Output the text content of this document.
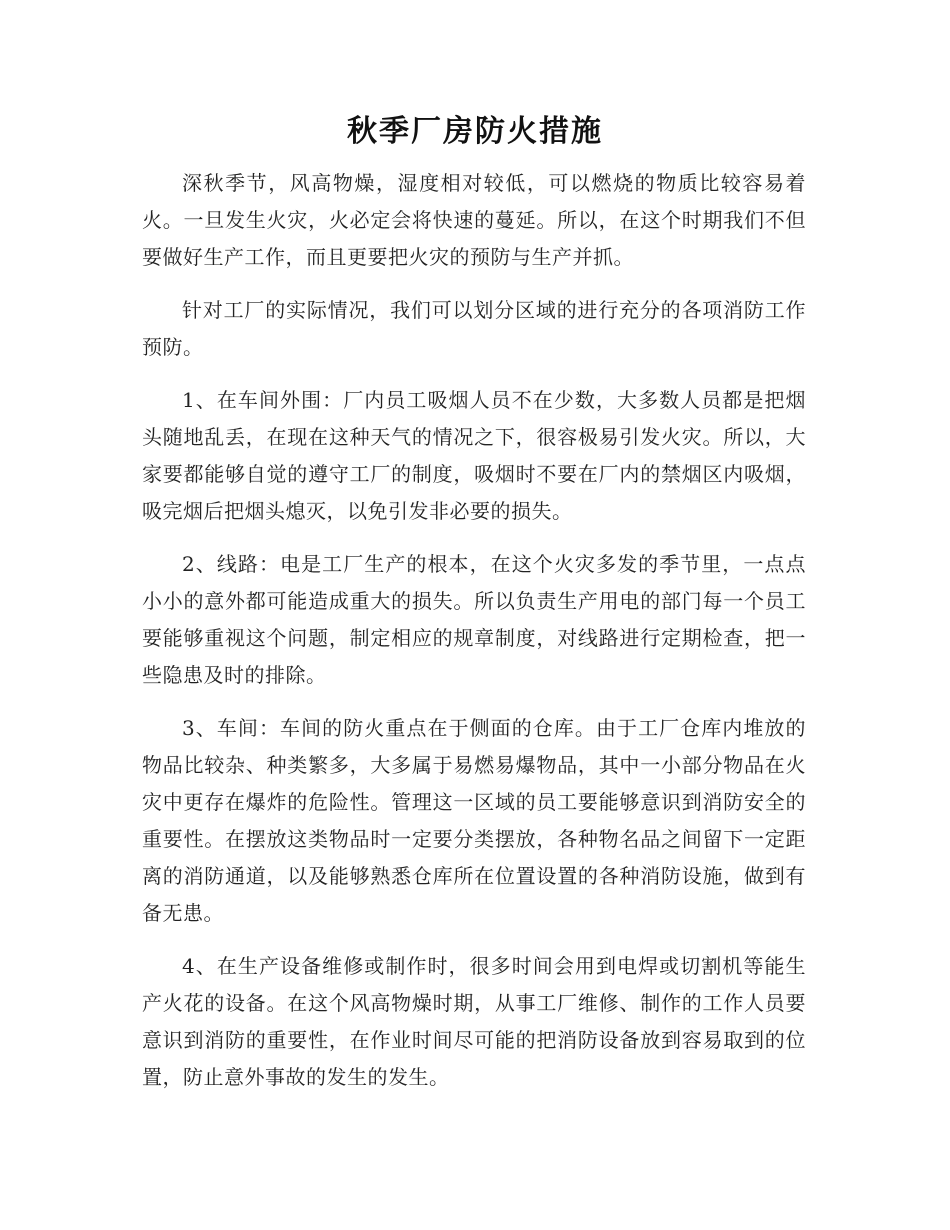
秋季厂房防火措施

深秋季节，风高物燥，湿度相对较低，可以燃烧的物质比较容易着火。一旦发生火灾，火必定会将快速的蔓延。所以，在这个时期我们不但要做好生产工作，而且更要把火灾的预防与生产并抓。

针对工厂的实际情况，我们可以划分区域的进行充分的各项消防工作预防。

1、在车间外围：厂内员工吸烟人员不在少数，大多数人员都是把烟头随地乱丢，在现在这种天气的情况之下，很容极易引发火灾。所以，大家要都能够自觉的遵守工厂的制度，吸烟时不要在厂内的禁烟区内吸烟，吸完烟后把烟头熄灭，以免引发非必要的损失。

2、线路：电是工厂生产的根本，在这个火灾多发的季节里，一点点小小的意外都可能造成重大的损失。所以负责生产用电的部门每一个员工要能够重视这个问题，制定相应的规章制度，对线路进行定期检查，把一些隐患及时的排除。

3、车间：车间的防火重点在于侧面的仓库。由于工厂仓库内堆放的物品比较杂、种类繁多，大多属于易燃易爆物品，其中一小部分物品在火灾中更存在爆炸的危险性。管理这一区域的员工要能够意识到消防安全的重要性。在摆放这类物品时一定要分类摆放，各种物名品之间留下一定距离的消防通道，以及能够熟悉仓库所在位置设置的各种消防设施，做到有备无患。

4、在生产设备维修或制作时，很多时间会用到电焊或切割机等能生产火花的设备。在这个风高物燥时期，从事工厂维修、制作的工作人员要意识到消防的重要性，在作业时间尽可能的把消防设备放到容易取到的位置，防止意外事故的发生的发生。
